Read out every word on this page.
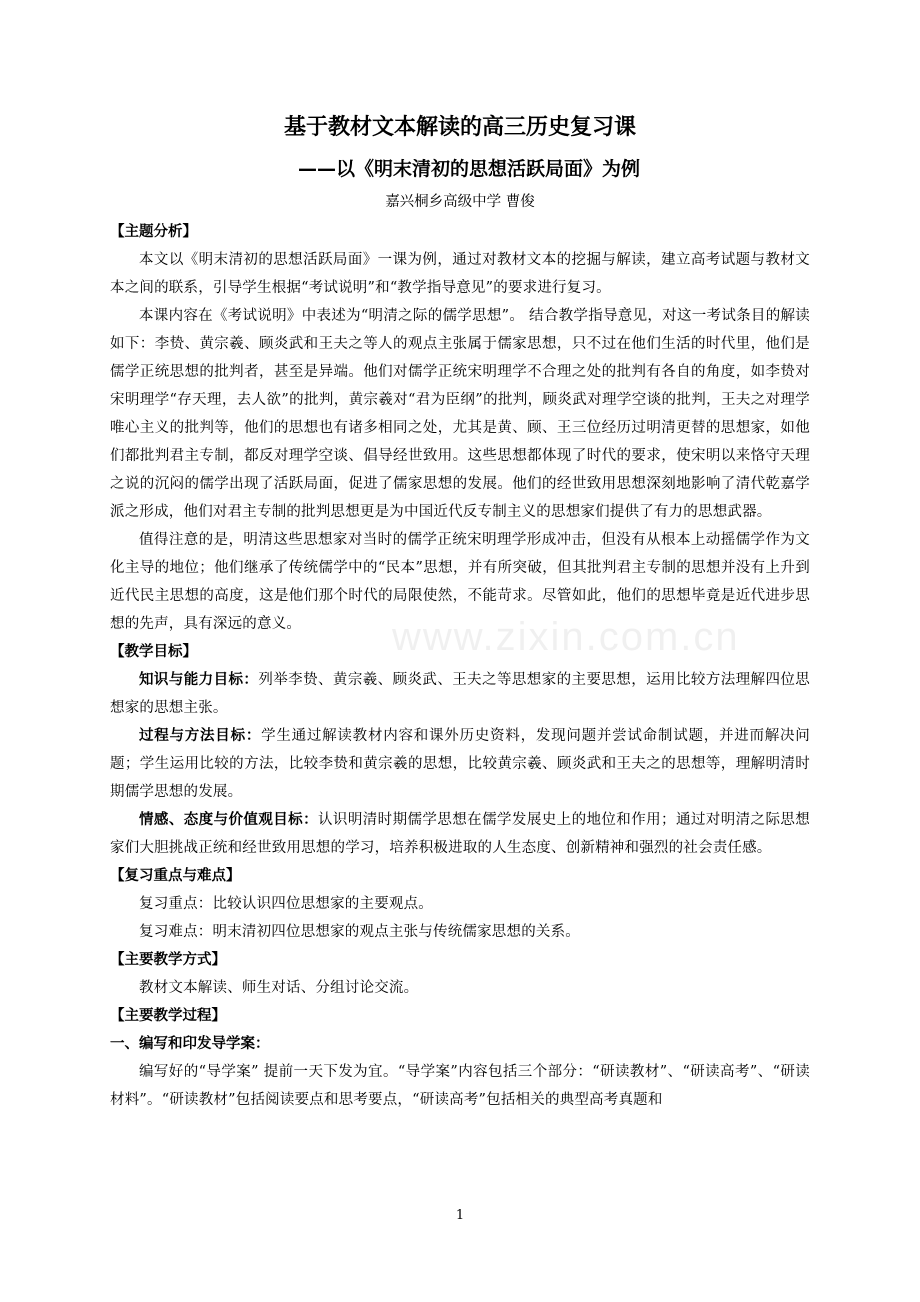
www.zixin.com.cn
基于教材文本解读的高三历史复习课
——以《明末清初的思想活跃局面》为例
嘉兴桐乡高级中学 曹俊
【主题分析】

本文以《明末清初的思想活跃局面》一课为例，通过对教材文本的挖掘与解读，建立高考试题与教材文本之间的联系，引导学生根据“考试说明”和“教学指导意见”的要求进行复习。

本课内容在《考试说明》中表述为“明清之际的儒学思想”。 结合教学指导意见，对这一考试条目的解读如下：李贽、黄宗羲、顾炎武和王夫之等人的观点主张属于儒家思想，只不过在他们生活的时代里，他们是儒学正统思想的批判者，甚至是异端。他们对儒学正统宋明理学不合理之处的批判有各自的角度，如李贽对宋明理学“存天理，去人欲”的批判，黄宗羲对“君为臣纲”的批判，顾炎武对理学空谈的批判，王夫之对理学唯心主义的批判等，他们的思想也有诸多相同之处，尤其是黄、顾、王三位经历过明清更替的思想家，如他们都批判君主专制，都反对理学空谈、倡导经世致用。这些思想都体现了时代的要求，使宋明以来恪守天理之说的沉闷的儒学出现了活跃局面，促进了儒家思想的发展。他们的经世致用思想深刻地影响了清代乾嘉学派之形成，他们对君主专制的批判思想更是为中国近代反专制主义的思想家们提供了有力的思想武器。

值得注意的是，明清这些思想家对当时的儒学正统宋明理学形成冲击，但没有从根本上动摇儒学作为文化主导的地位；他们继承了传统儒学中的“民本”思想，并有所突破，但其批判君主专制的思想并没有上升到近代民主思想的高度，这是他们那个时代的局限使然，不能苛求。尽管如此，他们的思想毕竟是近代进步思想的先声，具有深远的意义。

【教学目标】

知识与能力目标：列举李贽、黄宗羲、顾炎武、王夫之等思想家的主要思想，运用比较方法理解四位思想家的思想主张。

过程与方法目标：学生通过解读教材内容和课外历史资料，发现问题并尝试命制试题，并进而解决问题；学生运用比较的方法，比较李贽和黄宗羲的思想，比较黄宗羲、顾炎武和王夫之的思想等，理解明清时期儒学思想的发展。

情感、态度与价值观目标：认识明清时期儒学思想在儒学发展史上的地位和作用；通过对明清之际思想家们大胆挑战正统和经世致用思想的学习，培养积极进取的人生态度、创新精神和强烈的社会责任感。

【复习重点与难点】

复习重点：比较认识四位思想家的主要观点。

复习难点：明末清初四位思想家的观点主张与传统儒家思想的关系。

【主要教学方式】

教材文本解读、师生对话、分组讨论交流。

【主要教学过程】
一、编写和印发导学案：

编写好的“导学案” 提前一天下发为宜。“导学案”内容包括三个部分：“研读教材”、“研读高考”、“研读材料”。“研读教材”包括阅读要点和思考要点，“研读高考”包括相关的典型高考真题和

1
